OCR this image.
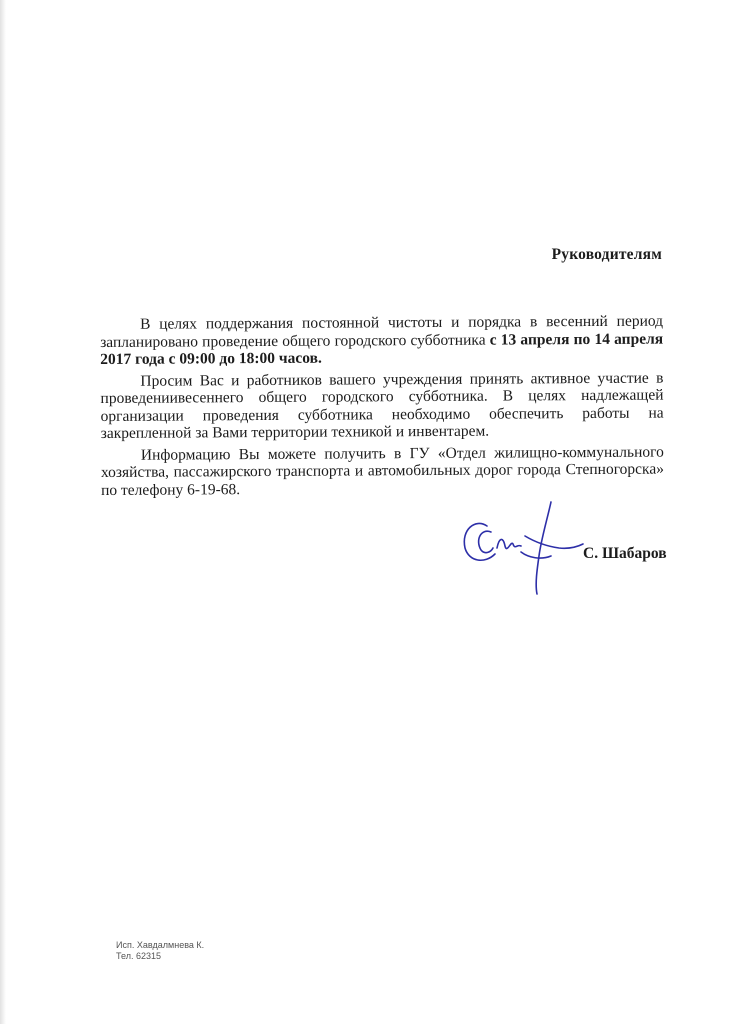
Руководителям

В целях поддержания постоянной чистоты и порядка в весенний период запланировано проведение общего городского субботника с 13 апреля по 14 апреля 2017 года с 09:00 до 18:00 часов.

Просим Вас и работников вашего учреждения принять активное участие в проведениивесеннего общего городского субботника. В целях надлежащей организации проведения субботника необходимо обеспечить работы на закрепленной за Вами территории техникой и инвентарем.

Информацию Вы можете получить в ГУ «Отдел жилищно-коммунального хозяйства, пассажирского транспорта и автомобильных дорог города Степногорска» по телефону 6-19-68.

С. Шабаров
Исп. Хавдалмнева К.
Тел. 62315
